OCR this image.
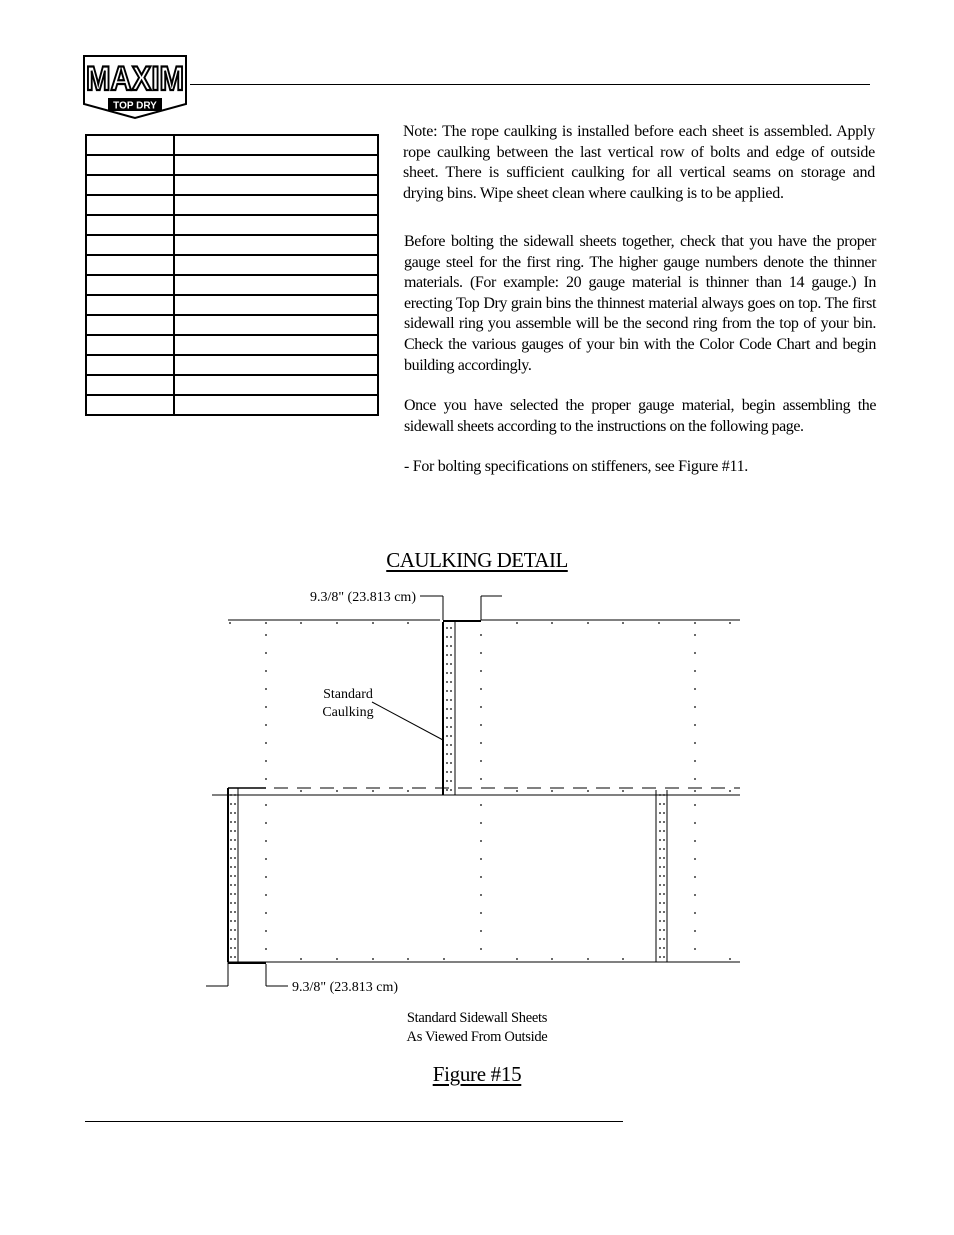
MAXIM
TOP DRY

Note: The rope caulking is installed before each sheet is assembled. Apply rope caulking between the last vertical row of bolts and edge of outside sheet. There is sufficient caulking for all vertical seams on storage and drying bins. Wipe sheet clean where caulking is to be applied.
Before bolting the sidewall sheets together, check that you have the proper gauge steel for the first ring. The higher gauge numbers denote the thinner materials. (For example: 20 gauge material is thinner than 14 gauge.) In erecting Top Dry grain bins the thinnest material always goes on top. The first sidewall ring you assemble will be the second ring from the top of your bin. Check the various gauges of your bin with the Color Code Chart and begin building accordingly.
Once you have selected the proper gauge material, begin assembling the sidewall sheets according to the instructions on the following page.
- For bolting specifications on stiffeners, see Figure #11.
CAULKING DETAIL
9.3/8" (23.813 cm)
9.3/8" (23.813 cm)
Standard
Caulking
Standard Sidewall Sheets
As Viewed From Outside
Figure #15
